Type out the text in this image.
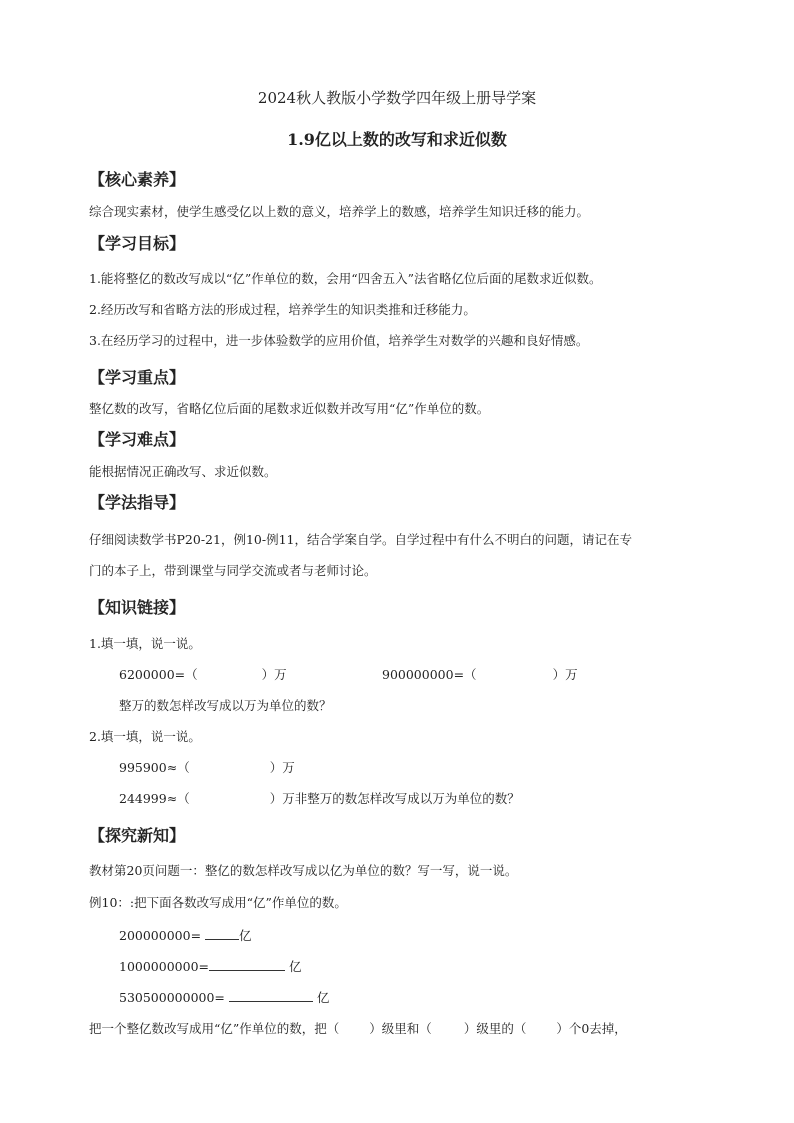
2024秋人教版小学数学四年级上册导学案
1.9亿以上数的改写和求近似数
【核心素养】
综合现实素材，使学生感受亿以上数的意义，培养学上的数感，培养学生知识迁移的能力。
【学习目标】
1.能将整亿的数改写成以“亿”作单位的数，会用“四舍五入”法省略亿位后面的尾数求近似数。
2.经历改写和省略方法的形成过程，培养学生的知识类推和迁移能力。
3.在经历学习的过程中，进一步体验数学的应用价值，培养学生对数学的兴趣和良好情感。
【学习重点】
整亿数的改写，省略亿位后面的尾数求近似数并改写用“亿”作单位的数。
【学习难点】
能根据情况正确改写、求近似数。
【学法指导】
仔细阅读数学书P20-21，例10-例11，结合学案自学。自学过程中有什么不明白的问题，请记在专
门的本子上，带到课堂与同学交流或者与老师讨论。
【知识链接】
1.填一填，说一说。
6200000=（	）万	900000000=（	）万
整万的数怎样改写成以万为单位的数？
2.填一填，说一说。
995900≈（	）万
244999≈（	）万非整万的数怎样改写成以万为单位的数？
【探究新知】
教材第20页问题一：整亿的数怎样改写成以亿为单位的数？写一写，说一说。
例10：:把下面各数改写成用“亿”作单位的数。
200000000=	亿
1000000000=	亿
530500000000=	亿
把一个整亿数改写成用“亿”作单位的数，把（ ）级里和（	）级里的（ ）个0去掉，
